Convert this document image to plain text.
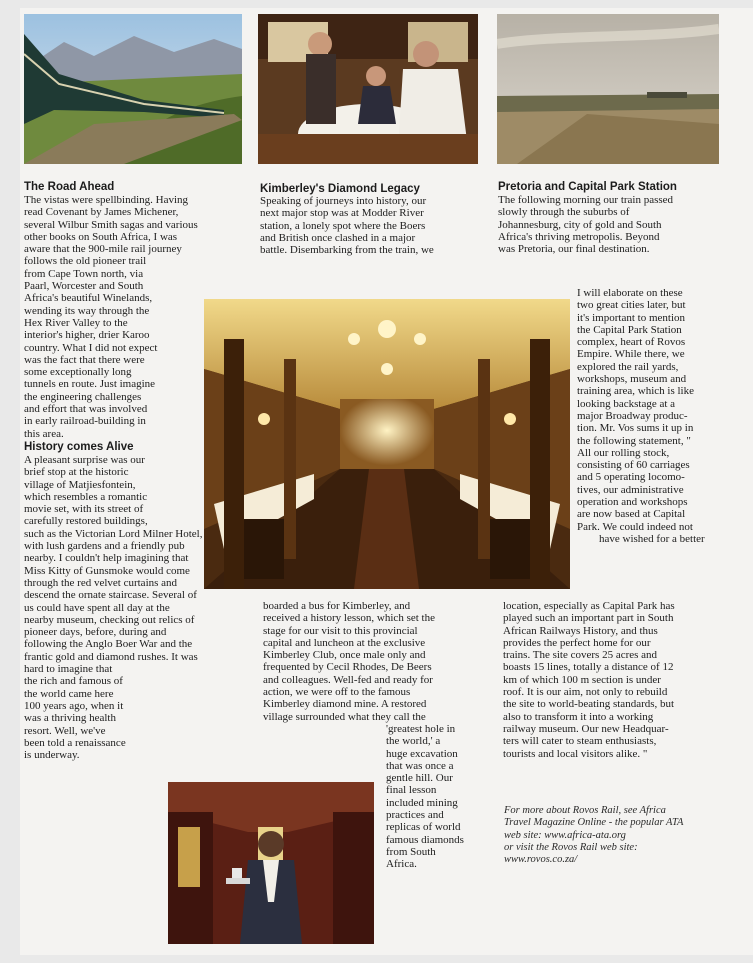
The Road Ahead	Kimberley's Diamond Legacy	Pretoria and Capital Park Station

The vistas were spellbinding. Having

read Covenant by James Michener,

several Wilbur Smith sagas and various

other books on South Africa, I was

aware that the 900-mile rail journey

follows the old pioneer trail

from Cape Town north, via

Paarl, Worcester and South

Africa's beautiful Winelands,

wending its way through the

Hex River Valley to the

interior's higher, drier Karoo

country. What I did not expect

was the fact that there were

some exceptionally long

tunnels en route. Just imagine

the engineering challenges

and effort that was involved

in early railroad-building in

this area.

History comes Alive

A pleasant surprise was our

brief stop at the historic

village of Matjiesfontein,

which resembles a romantic

movie set, with its street of

carefully restored buildings,

such as the Victorian Lord Milner Hotel,

with lush gardens and a friendly pub

nearby. I couldn't help imagining that

Miss Kitty of Gunsmoke would come

through the red velvet curtains and

descend the ornate staircase. Several of

us could have spent all day at the

nearby museum, checking out relics of

pioneer days, before, during and

following the Anglo Boer War and the

frantic gold and diamond rushes. It was

hard to imagine that

the rich and famous of

the world came here

100 years ago, when it

was a thriving health

resort. Well, we've

been told a renaissance

is underway.

Speaking of journeys into history, our

next major stop was at Modder River

station, a lonely spot where the Boers

and British once clashed in a major

battle. Disembarking from the train, we

The following morning our train passed

slowly through the suburbs of

Johannesburg, city of gold and South

Africa's thriving metropolis. Beyond

was Pretoria, our final destination.

I will elaborate on these

two great cities later, but

it's important to mention

the Capital Park Station

complex, heart of Rovos

Empire. While there, we

explored the rail yards,

workshops, museum and

training area, which is like

looking backstage at a

major Broadway produc-

tion. Mr. Vos sums it up in

the following statement, "

All our rolling stock,

consisting of 60 carriages

and 5 operating locomo-

tives, our administrative

operation and workshops

are now based at Capital

Park. We could indeed not

have wished for a better

boarded a bus for Kimberley, and

received a history lesson, which set the

stage for our visit to this provincial

capital and luncheon at the exclusive

Kimberley Club, once male only and

frequented by Cecil Rhodes, De Beers

and colleagues. Well-fed and ready for

action, we were off to the famous

Kimberley diamond mine. A restored

village surrounded what they call the

'greatest hole in

the world,' a

huge excavation

that was once a

gentle hill. Our

final lesson

included mining

practices and

replicas of world

famous diamonds

from South

Africa.

location, especially as Capital Park has

played such an important part in South

African Railways History, and thus

provides the perfect home for our

trains. The site covers 25 acres and

boasts 15 lines, totally a distance of 12

km of which 100 m section is under

roof. It is our aim, not only to rebuild

the site to world-beating standards, but

also to transform it into a working

railway museum. Our new Headquar-

ters will cater to steam enthusiasts,

tourists and local visitors alike. "

For more about Rovos Rail, see Africa

Travel Magazine Online - the popular ATA

web site: www.africa-ata.org

or visit the Rovos Rail web site:

www.rovos.co.za/
